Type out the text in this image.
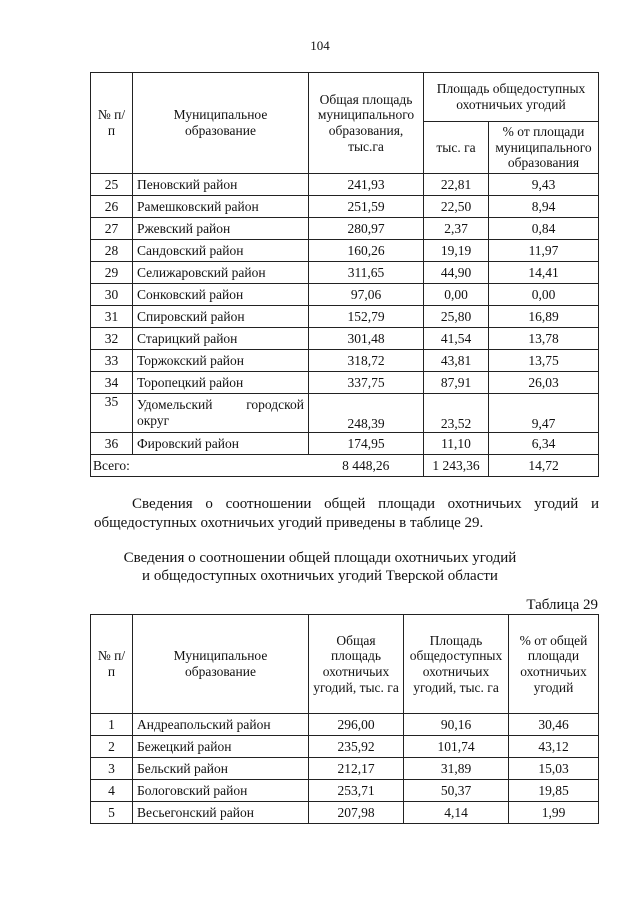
104
№ п/п	Муниципальное образование	Общая площадь муниципального образования, тыс.га	Площадь общедоступных охотничьих угодий	
			тыс. га	% от площади муниципального образования
25	Пеновский район	241,93	22,81	9,43
26	Рамешковский район	251,59	22,50	8,94
27	Ржевский район	280,97	2,37	0,84
28	Сандовский район	160,26	19,19	11,97
29	Селижаровский район	311,65	44,90	14,41
30	Сонковский район	97,06	0,00	0,00
31	Спировский район	152,79	25,80	16,89
32	Старицкий район	301,48	41,54	13,78
33	Торжокский район	318,72	43,81	13,75
34	Торопецкий район	337,75	87,91	26,03
35	Удомельский городской округ	248,39	23,52	9,47
36	Фировский район	174,95	11,10	6,34
Всего:		8 448,26	1 243,36	14,72
Сведения о соотношении общей площади охотничьих угодий и общедоступных охотничьих угодий приведены в таблице 29.
Сведения о соотношении общей площади охотничьих угодий
и общедоступных охотничьих угодий Тверской области
Таблица 29
№ п/п	Муниципальное образование	Общая площадь охотничьих угодий, тыс. га	Площадь общедоступных охотничьих угодий, тыс. га	% от общей площади охотничьих угодий
1	Андреапольский район	296,00	90,16	30,46
2	Бежецкий район	235,92	101,74	43,12
3	Бельский район	212,17	31,89	15,03
4	Бологовский район	253,71	50,37	19,85
5	Весьегонский район	207,98	4,14	1,99
